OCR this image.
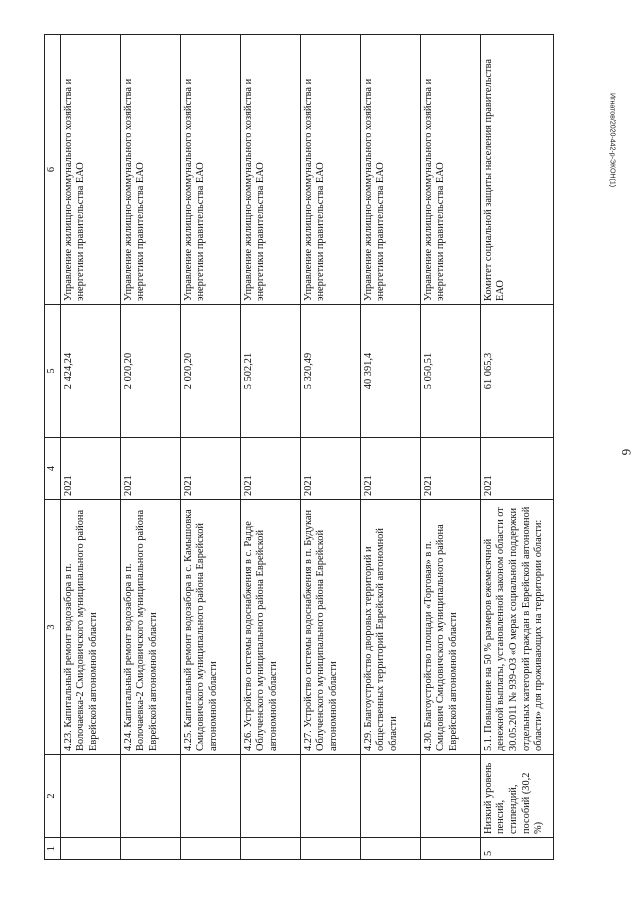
6
Игнатов/2020-442-р-ЭКОН(1)
1	2	3	4	5	6
		4.23. Капитальный ремонт водозабора в п. Волочаевка-2 Смидовичского муниципального района Еврейской автономной области	2021	2 424,24	Управление жилищно-коммунального хозяйства и энергетики правительства ЕАО
		4.24. Капитальный ремонт водозабора в п. Волочаевка-2 Смидовичского муниципального района Еврейской автономной области	2021	2 020,20	Управление жилищно-коммунального хозяйства и энергетики правительства ЕАО
		4.25. Капитальный ремонт водозабора в с. Камышовка Смидовичского муниципального района Еврейской автономной области	2021	2 020,20	Управление жилищно-коммунального хозяйства и энергетики правительства ЕАО
		4.26. Устройство системы водоснабжения в с. Радде Облученского муниципального района Еврейской автономной области	2021	5 502,21	Управление жилищно-коммунального хозяйства и энергетики правительства ЕАО
		4.27. Устройство системы водоснабжения в п. Будукан Облученского муниципального района Еврейской автономной области	2021	5 320,49	Управление жилищно-коммунального хозяйства и энергетики правительства ЕАО
		4.29. Благоустройство дворовых территорий и общественных территорий Еврейской автономной области	2021	40 391,4	Управление жилищно-коммунального хозяйства и энергетики правительства ЕАО
		4.30. Благоустройство площади «Торговая» в п. Смидович Смидовичского муниципального района Еврейской автономной области	2021	5 050,51	Управление жилищно-коммунального хозяйства и энергетики правительства ЕАО
5	Низкий уровень пенсий, стипендий, пособий (30,2 %)	5.1. Повышение на 50 % размеров ежемесячной денежной выплаты, установленной законом области от 30.05.2011 № 939-ОЗ «О мерах социальной поддержки отдельных категорий граждан в Еврейской автономной области» для проживающих на территории области:	2021	61 065,3	Комитет социальной защиты населения правительства ЕАО
